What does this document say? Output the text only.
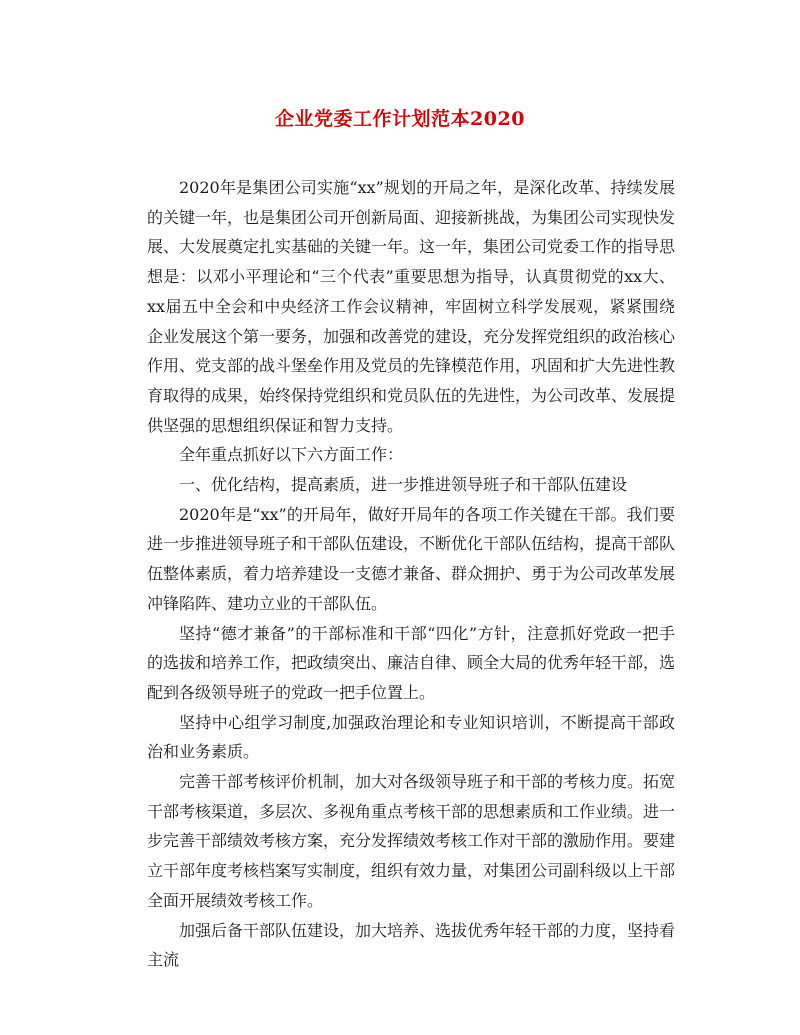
企业党委工作计划范本2020

2020年是集团公司实施“xx”规划的开局之年，是深化改革、持续发展的关键一年，也是集团公司开创新局面、迎接新挑战，为集团公司实现快发展、大发展奠定扎实基础的关键一年。这一年，集团公司党委工作的指导思想是：以邓小平理论和“三个代表”重要思想为指导，认真贯彻党的xx大、xx届五中全会和中央经济工作会议精神，牢固树立科学发展观，紧紧围绕企业发展这个第一要务，加强和改善党的建设，充分发挥党组织的政治核心作用、党支部的战斗堡垒作用及党员的先锋模范作用，巩固和扩大先进性教育取得的成果，始终保持党组织和党员队伍的先进性，为公司改革、发展提供坚强的思想组织保证和智力支持。

全年重点抓好以下六方面工作：

一、优化结构，提高素质，进一步推进领导班子和干部队伍建设

2020年是“xx”的开局年，做好开局年的各项工作关键在干部。我们要进一步推进领导班子和干部队伍建设，不断优化干部队伍结构，提高干部队伍整体素质，着力培养建设一支德才兼备、群众拥护、勇于为公司改革发展冲锋陷阵、建功立业的干部队伍。

坚持“德才兼备”的干部标准和干部“四化”方针，注意抓好党政一把手的选拔和培养工作，把政绩突出、廉洁自律、顾全大局的优秀年轻干部，选配到各级领导班子的党政一把手位置上。

坚持中心组学习制度,加强政治理论和专业知识培训，不断提高干部政治和业务素质。

完善干部考核评价机制，加大对各级领导班子和干部的考核力度。拓宽干部考核渠道，多层次、多视角重点考核干部的思想素质和工作业绩。进一步完善干部绩效考核方案，充分发挥绩效考核工作对干部的激励作用。要建立干部年度考核档案写实制度，组织有效力量，对集团公司副科级以上干部全面开展绩效考核工作。

加强后备干部队伍建设，加大培养、选拔优秀年轻干部的力度，坚持看主流
